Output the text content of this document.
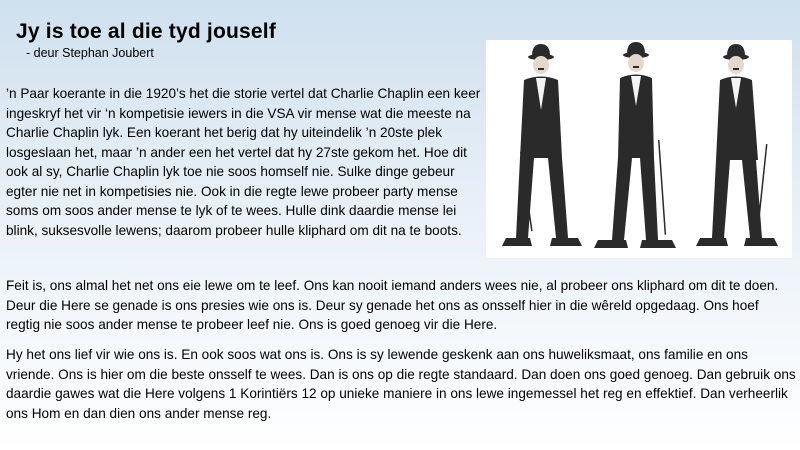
Jy is toe al die tyd jouself
- deur Stephan Joubert

’n Paar koerante in die 1920’s het die storie vertel dat Charlie Chaplin een keer ingeskryf het vir ‘n kompetisie iewers in die VSA vir mense wat die meeste na Charlie Chaplin lyk. Een koerant het berig dat hy uiteindelik ’n 20ste plek losgeslaan het, maar ’n ander een het vertel dat hy 27ste gekom het. Hoe dit ook al sy, Charlie Chaplin lyk toe nie soos homself nie. Sulke dinge gebeur egter nie net in kompetisies nie. Ook in die regte lewe probeer party mense soms om soos ander mense te lyk of te wees. Hulle dink daardie mense lei blink, suksesvolle lewens; daarom probeer hulle kliphard om dit na te boots.

Feit is, ons almal het net ons eie lewe om te leef. Ons kan nooit iemand anders wees nie, al probeer ons kliphard om dit te doen. Deur die Here se genade is ons presies wie ons is. Deur sy genade het ons as onsself hier in die wêreld opgedaag. Ons hoef regtig nie soos ander mense te probeer leef nie. Ons is goed genoeg vir die Here.

Hy het ons lief vir wie ons is. En ook soos wat ons is. Ons is sy lewende geskenk aan ons huweliksmaat, ons familie en ons vriende. Ons is hier om die beste onsself te wees. Dan is ons op die regte standaard. Dan doen ons goed genoeg. Dan gebruik ons daardie gawes wat die Here volgens 1 Korintiërs 12 op unieke maniere in ons lewe ingemessel het reg en effektief. Dan verheerlik ons Hom en dan dien ons ander mense reg.
